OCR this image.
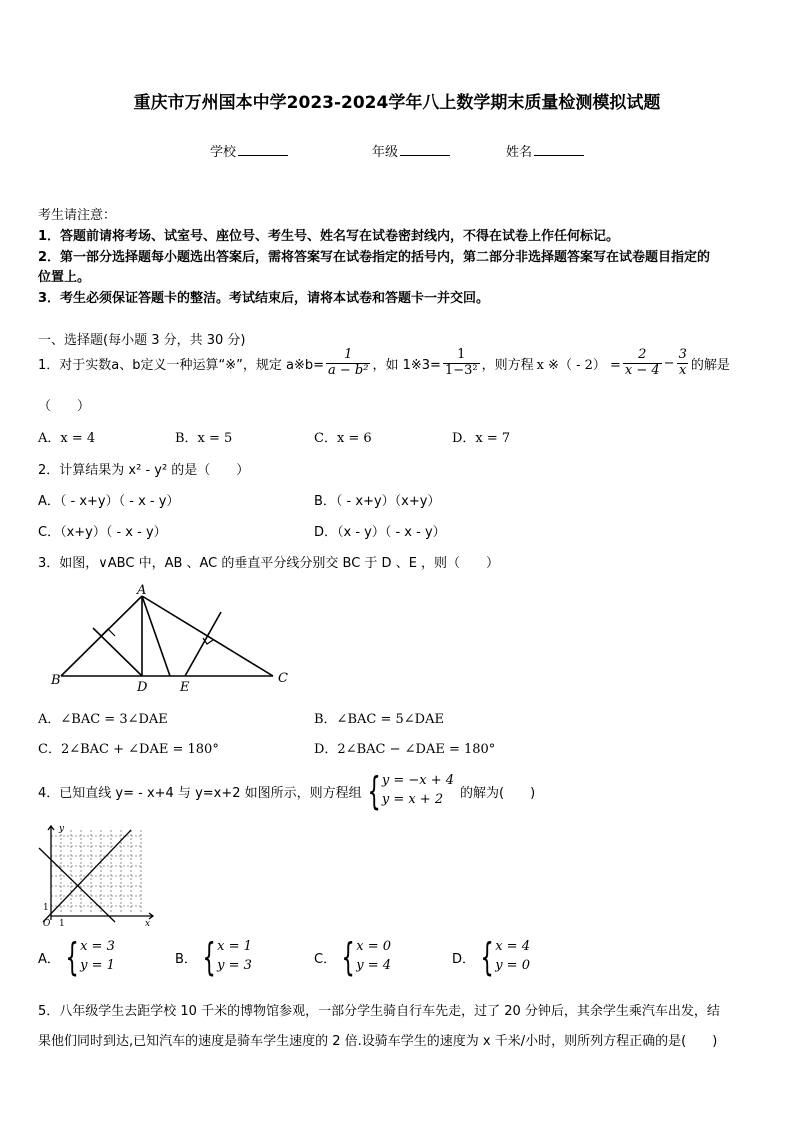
重庆市万州国本中学2023-2024学年八上数学期末质量检测模拟试题
学校	年级	姓名
考生请注意：
1．答题前请将考场、试室号、座位号、考生号、姓名写在试卷密封线内，不得在试卷上作任何标记。
2．第一部分选择题每小题选出答案后，需将答案写在试卷指定的括号内，第二部分非选择题答案写在试卷题目指定的
位置上。
3．考生必须保证答题卡的整洁。考试结束后，请将本试卷和答题卡一并交回。
一、选择题(每小题 3 分，共 30 分)
1．对于实数a、b定义一种运算“※”，规定 a※b= $\frac{1}{\text{a − b²}}$ ，如 1※3= $\frac{1}{\text{1−3²}}$ ，则方程 x ※（ - $2) = \frac{2}{x - 4} - \frac{3}{x}$ 的解是
（　　）
A．x = 4	B．x = 5	C．x = 6	D．x = 7
2．计算结果为 x² - y² 的是（　　）
A．（ - x+y）（ - x - y）	B．（ - x+y）（x+y）
C．（x+y）（ - x - y）	D．（x - y）（ - x - y）
3．如图，∨ABC 中，AB 、AC 的垂直平分线分别交 BC 于 D 、E ，则（　　）
A
B	C
D	E
A．∠BAC = 3∠DAE	B．∠BAC = 5∠DAE
C．2∠BAC + ∠DAE = 180°	D．2∠BAC − ∠DAE = 180°
4．已知直线 y= - x+4 与 y=x+2 如图所示，则方程组 { y = −x + 4
y = x + 2	的解为(　　)
y
x
O 1
1
A． { x = 3
y = 1	B． { x = 1
y = 3	C． { x = 0
y = 4	D． { x = 4
y = 0
5．八年级学生去距学校 10 千米的博物馆参观，一部分学生骑自行车先走，过了 20 分钟后，其余学生乘汽车出发，结
果他们同时到达,已知汽车的速度是骑车学生速度的 2 倍.设骑车学生的速度为 x 千米/小时，则所列方程正确的是(　　)
